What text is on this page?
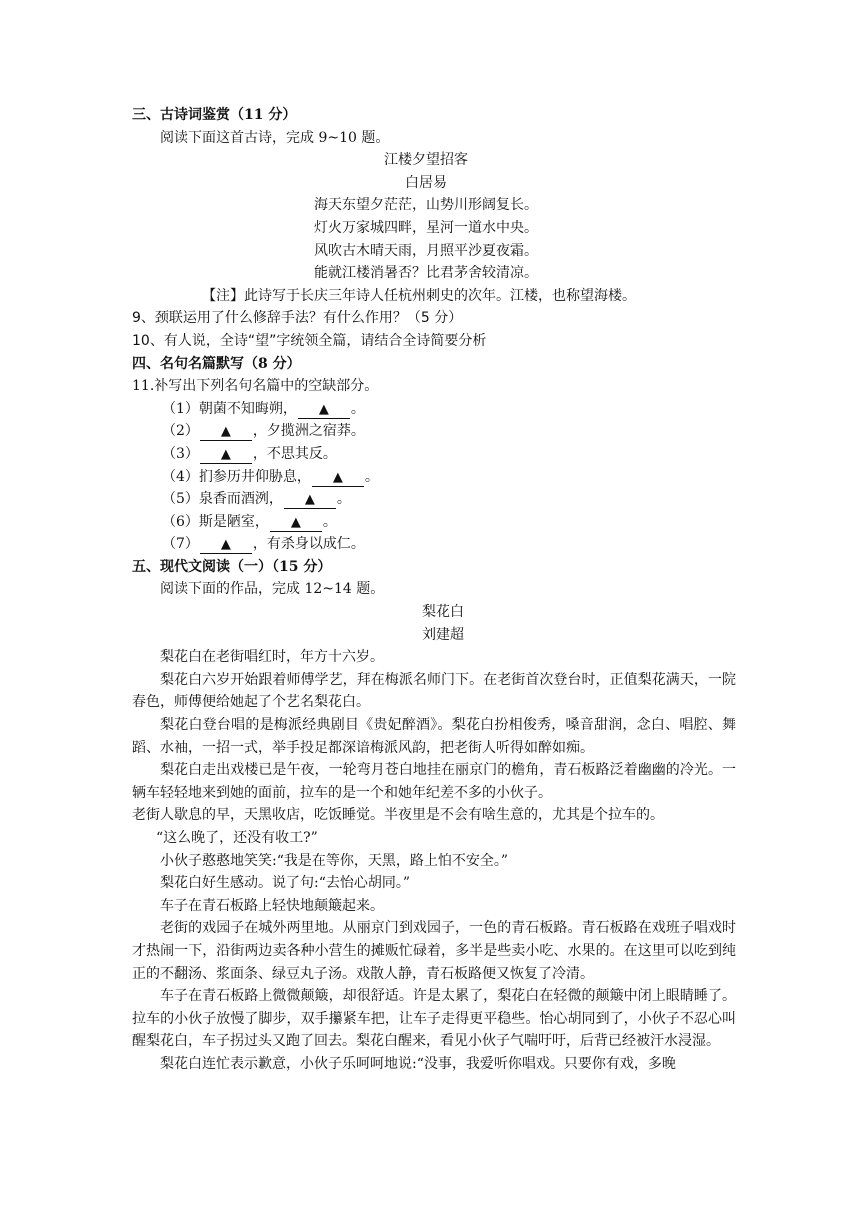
三、古诗词鉴赏（11 分）
阅读下面这首古诗，完成 9~10 题。
江楼夕望招客
白居易
海天东望夕茫茫，山势川形阔复长。
灯火万家城四畔，星河一道水中央。
风吹古木晴天雨，月照平沙夏夜霜。
能就江楼消暑否？比君茅舍较清凉。
【注】此诗写于长庆三年诗人任杭州刺史的次年。江楼，也称望海楼。
9、颈联运用了什么修辞手法？有什么作用？（5 分）
10、有人说，全诗“望”字统领全篇，请结合全诗简要分析
四、名句名篇默写（8 分）
11.补写出下列名句名篇中的空缺部分。
（1）朝菌不知晦朔， ▲ 。
（2） ▲ ，夕揽洲之宿莽。
（3） ▲ ，不思其反。
（4）扪参历井仰胁息， ▲ 。
（5）泉香而酒洌， ▲ 。
（6）斯是陋室， ▲ 。
（7） ▲ ，有杀身以成仁。
五、现代文阅读（一）（15 分）
阅读下面的作品，完成 12~14 题。
梨花白
刘建超
梨花白在老街唱红时，年方十六岁。
梨花白六岁开始跟着师傅学艺，拜在梅派名师门下。在老街首次登台时，正值梨花满天，一院春色，师傅便给她起了个艺名梨花白。
梨花白登台唱的是梅派经典剧目《贵妃醉酒》。梨花白扮相俊秀，嗓音甜润，念白、唱腔、舞蹈、水袖，一招一式，举手投足都深谙梅派风韵，把老街人听得如醉如痴。
梨花白走出戏楼已是午夜，一轮弯月苍白地挂在丽京门的檐角，青石板路泛着幽幽的冷光。一辆车轻轻地来到她的面前，拉车的是一个和她年纪差不多的小伙子。
老街人歇息的早，天黑收店，吃饭睡觉。半夜里是不会有啥生意的，尤其是个拉车的。
“这么晚了，还没有收工?”
小伙子憨憨地笑笑:“我是在等你，天黑，路上怕不安全。”
梨花白好生感动。说了句:“去怡心胡同。”
车子在青石板路上轻快地颠簸起来。
老街的戏园子在城外两里地。从丽京门到戏园子，一色的青石板路。青石板路在戏班子唱戏时才热闹一下，沿街两边卖各种小营生的摊贩忙碌着，多半是些卖小吃、水果的。在这里可以吃到纯正的不翻汤、浆面条、绿豆丸子汤。戏散人静，青石板路便又恢复了冷清。
车子在青石板路上微微颠簸，却很舒适。许是太累了，梨花白在轻微的颠簸中闭上眼睛睡了。拉车的小伙子放慢了脚步，双手攥紧车把，让车子走得更平稳些。怡心胡同到了，小伙子不忍心叫醒梨花白，车子拐过头又跑了回去。梨花白醒来，看见小伙子气喘吁吁，后背已经被汗水浸湿。
梨花白连忙表示歉意，小伙子乐呵呵地说:“没事，我爱听你唱戏。只要你有戏，多晚
